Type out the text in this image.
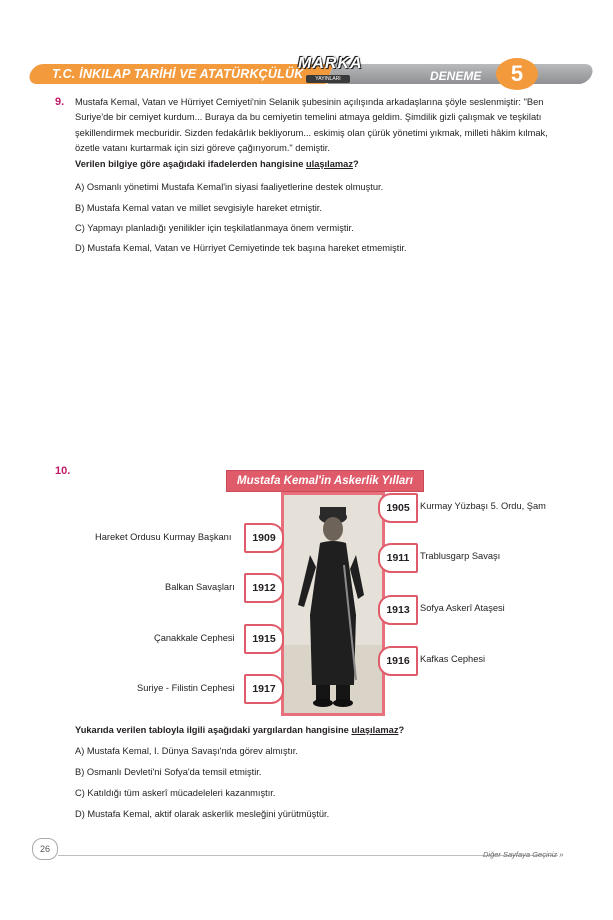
T.C. İNKILAP TARİHİ VE ATATÜRKÇÜLÜK
MARKA
YAYINLARI	DENEME	5
9. Mustafa Kemal, Vatan ve Hürriyet Cemiyeti'nin Selanik şubesinin açılışında arkadaşlarına şöyle seslenmiştir: "Ben

Suriye'de bir cemiyet kurdum... Buraya da bu cemiyetin temelini atmaya geldim. Şimdilik gizli çalışmak ve teşkilatı

şekillendirmek mecburidir. Sizden fedakârlık bekliyorum... eskimiş olan çürük yönetimi yıkmak, milleti hâkim kılmak,

özetle vatanı kurtarmak için sizi göreve çağırıyorum." demiştir.

Verilen bilgiye göre aşağıdaki ifadelerden hangisine ulaşılamaz?
A) Osmanlı yönetimi Mustafa Kemal'in siyasi faaliyetlerine destek olmuştur.
B) Mustafa Kemal vatan ve millet sevgisiyle hareket etmiştir.
C) Yapmayı planladığı yenilikler için teşkilatlanmaya önem vermiştir.
D) Mustafa Kemal, Vatan ve Hürriyet Cemiyetinde tek başına hareket etmemiştir.
10.
Mustafa Kemal'in Askerlik Yılları
Hareket Ordusu Kurmay Başkanı	1909
Balkan Savaşları	1912
Çanakkale Cephesi	1915
Suriye - Filistin Cephesi	1917
1905	Kurmay Yüzbaşı 5. Ordu, Şam
1911	Trablusgarp Savaşı
1913	Sofya Askerî Ataşesi
1916	Kafkas Cephesi
Yukarıda verilen tabloyla ilgili aşağıdaki yargılardan hangisine ulaşılamaz?
A) Mustafa Kemal, I. Dünya Savaşı'nda görev almıştır.
B) Osmanlı Devleti'ni Sofya'da temsil etmiştir.
C) Katıldığı tüm askerî mücadeleleri kazanmıştır.
D) Mustafa Kemal, aktif olarak askerlik mesleğini yürütmüştür.
26
Diğer Sayfaya Geçiniz »
